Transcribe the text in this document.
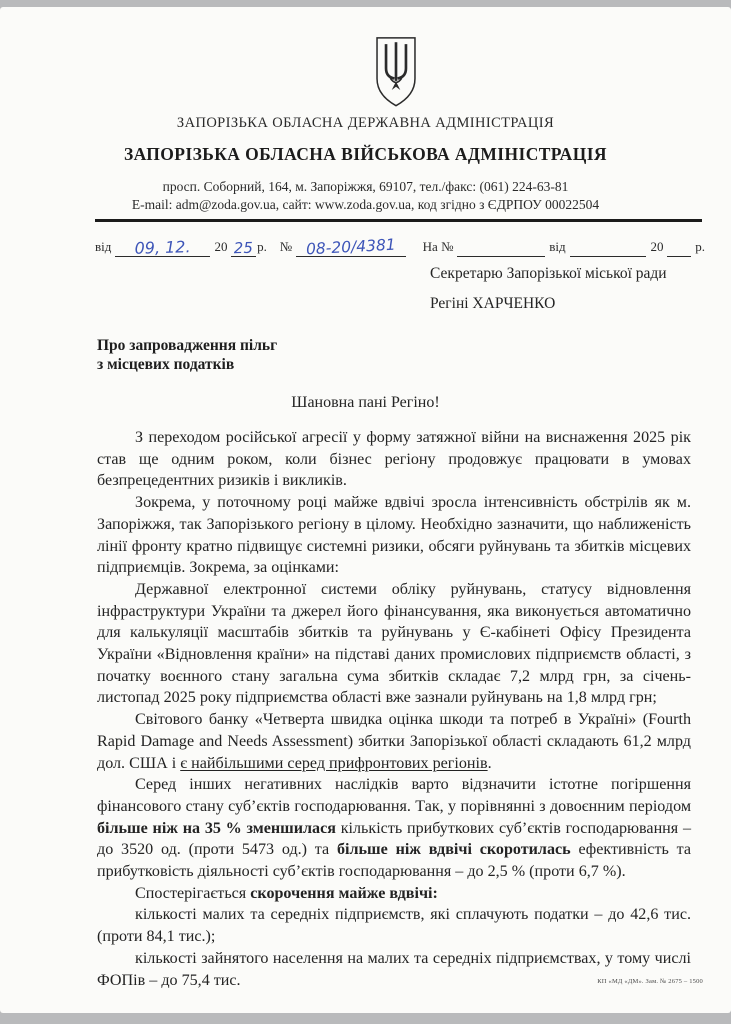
ЗАПОРІЗЬКА ОБЛАСНА ДЕРЖАВНА АДМІНІСТРАЦІЯ
ЗАПОРІЗЬКА ОБЛАСНА ВІЙСЬКОВА АДМІНІСТРАЦІЯ
просп. Соборний, 164, м. Запоріжжя, 69107, тел./факс: (061) 224-63-81
E-mail: adm@zoda.gov.ua, сайт: www.zoda.gov.ua, код згідно з ЄДРПОУ 00022504
від	09, 12.	20 25 р. № 08-20/4381	На №	від	20 р.
Секретарю Запорізької міської ради
Регіні ХАРЧЕНКО
Про запровадження пільг
з місцевих податків
Шановна пані Регіно!

З переходом російської агресії у форму затяжної війни на виснаження 2025 рік став ще одним роком, коли бізнес регіону продовжує працювати в умовах безпрецедентних ризиків і викликів.

Зокрема, у поточному році майже вдвічі зросла інтенсивність обстрілів як м. Запоріжжя, так Запорізького регіону в цілому. Необхідно зазначити, що наближеність лінії фронту кратно підвищує системні ризики, обсяги руйнувань та збитків місцевих підприємців. Зокрема, за оцінками:

Державної електронної системи обліку руйнувань, статусу відновлення інфраструктури України та джерел його фінансування, яка виконується автоматично для калькуляції масштабів збитків та руйнувань у Є-кабінеті Офісу Президента України «Відновлення країни» на підставі даних промислових підприємств області, з початку воєнного стану загальна сума збитків складає 7,2 млрд грн, за січень-листопад 2025 року підприємства області вже зазнали руйнувань на 1,8 млрд грн;

Світового банку «Четверта швидка оцінка шкоди та потреб в Україні» (Fourth Rapid Damage and Needs Assessment) збитки Запорізької області складають 61,2 млрд дол. США і є найбільшими серед прифронтових регіонів.

Серед інших негативних наслідків варто відзначити істотне погіршення фінансового стану суб’єктів господарювання. Так, у порівнянні з довоєнним періодом більше ніж на 35 % зменшилася кількість прибуткових суб’єктів господарювання – до 3520 од. (проти 5473 од.) та більше ніж вдвічі скоротилась ефективність та прибутковість діяльності суб’єктів господарювання – до 2,5 % (проти 6,7 %).

Спостерігається скорочення майже вдвічі:

кількості малих та середніх підприємств, які сплачують податки – до 42,6 тис. (проти 84,1 тис.);

кількості зайнятого населення на малих та середніх підприємствах, у тому числі ФОПів – до 75,4 тис.	КП «МД «ДМ». Зам. № 2675 – 1500
